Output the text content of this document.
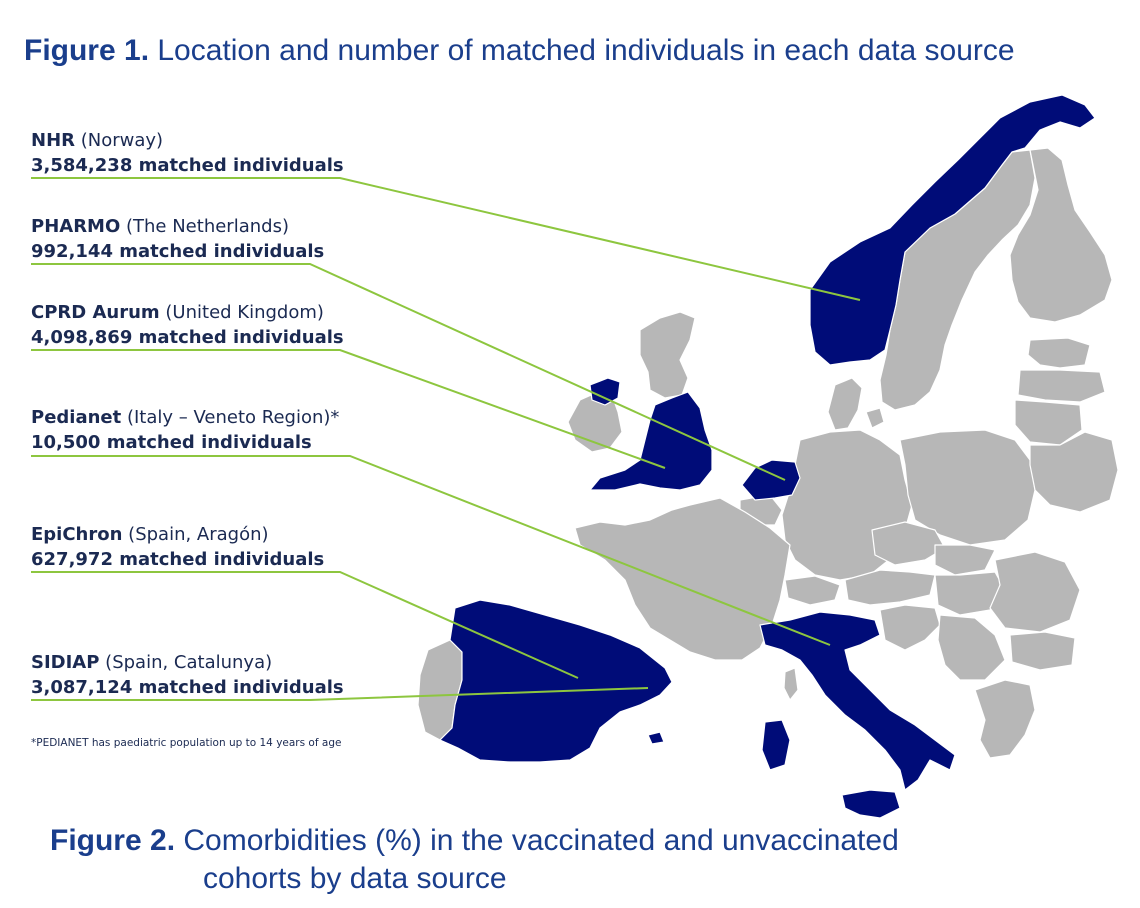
Figure 1. Location and number of matched individuals in each data source
NHR (Norway)
3,584,238 matched individuals
PHARMO (The Netherlands)
992,144 matched individuals
CPRD Aurum (United Kingdom)
4,098,869 matched individuals
Pedianet (Italy – Veneto Region)*
10,500 matched individuals
EpiChron (Spain, Aragón)
627,972 matched individuals
SIDIAP (Spain, Catalunya)
3,087,124 matched individuals
*PEDIANET has paediatric population up to 14 years of age
Figure 2. Comorbidities (%) in the vaccinated and unvaccinated
cohorts by data source
